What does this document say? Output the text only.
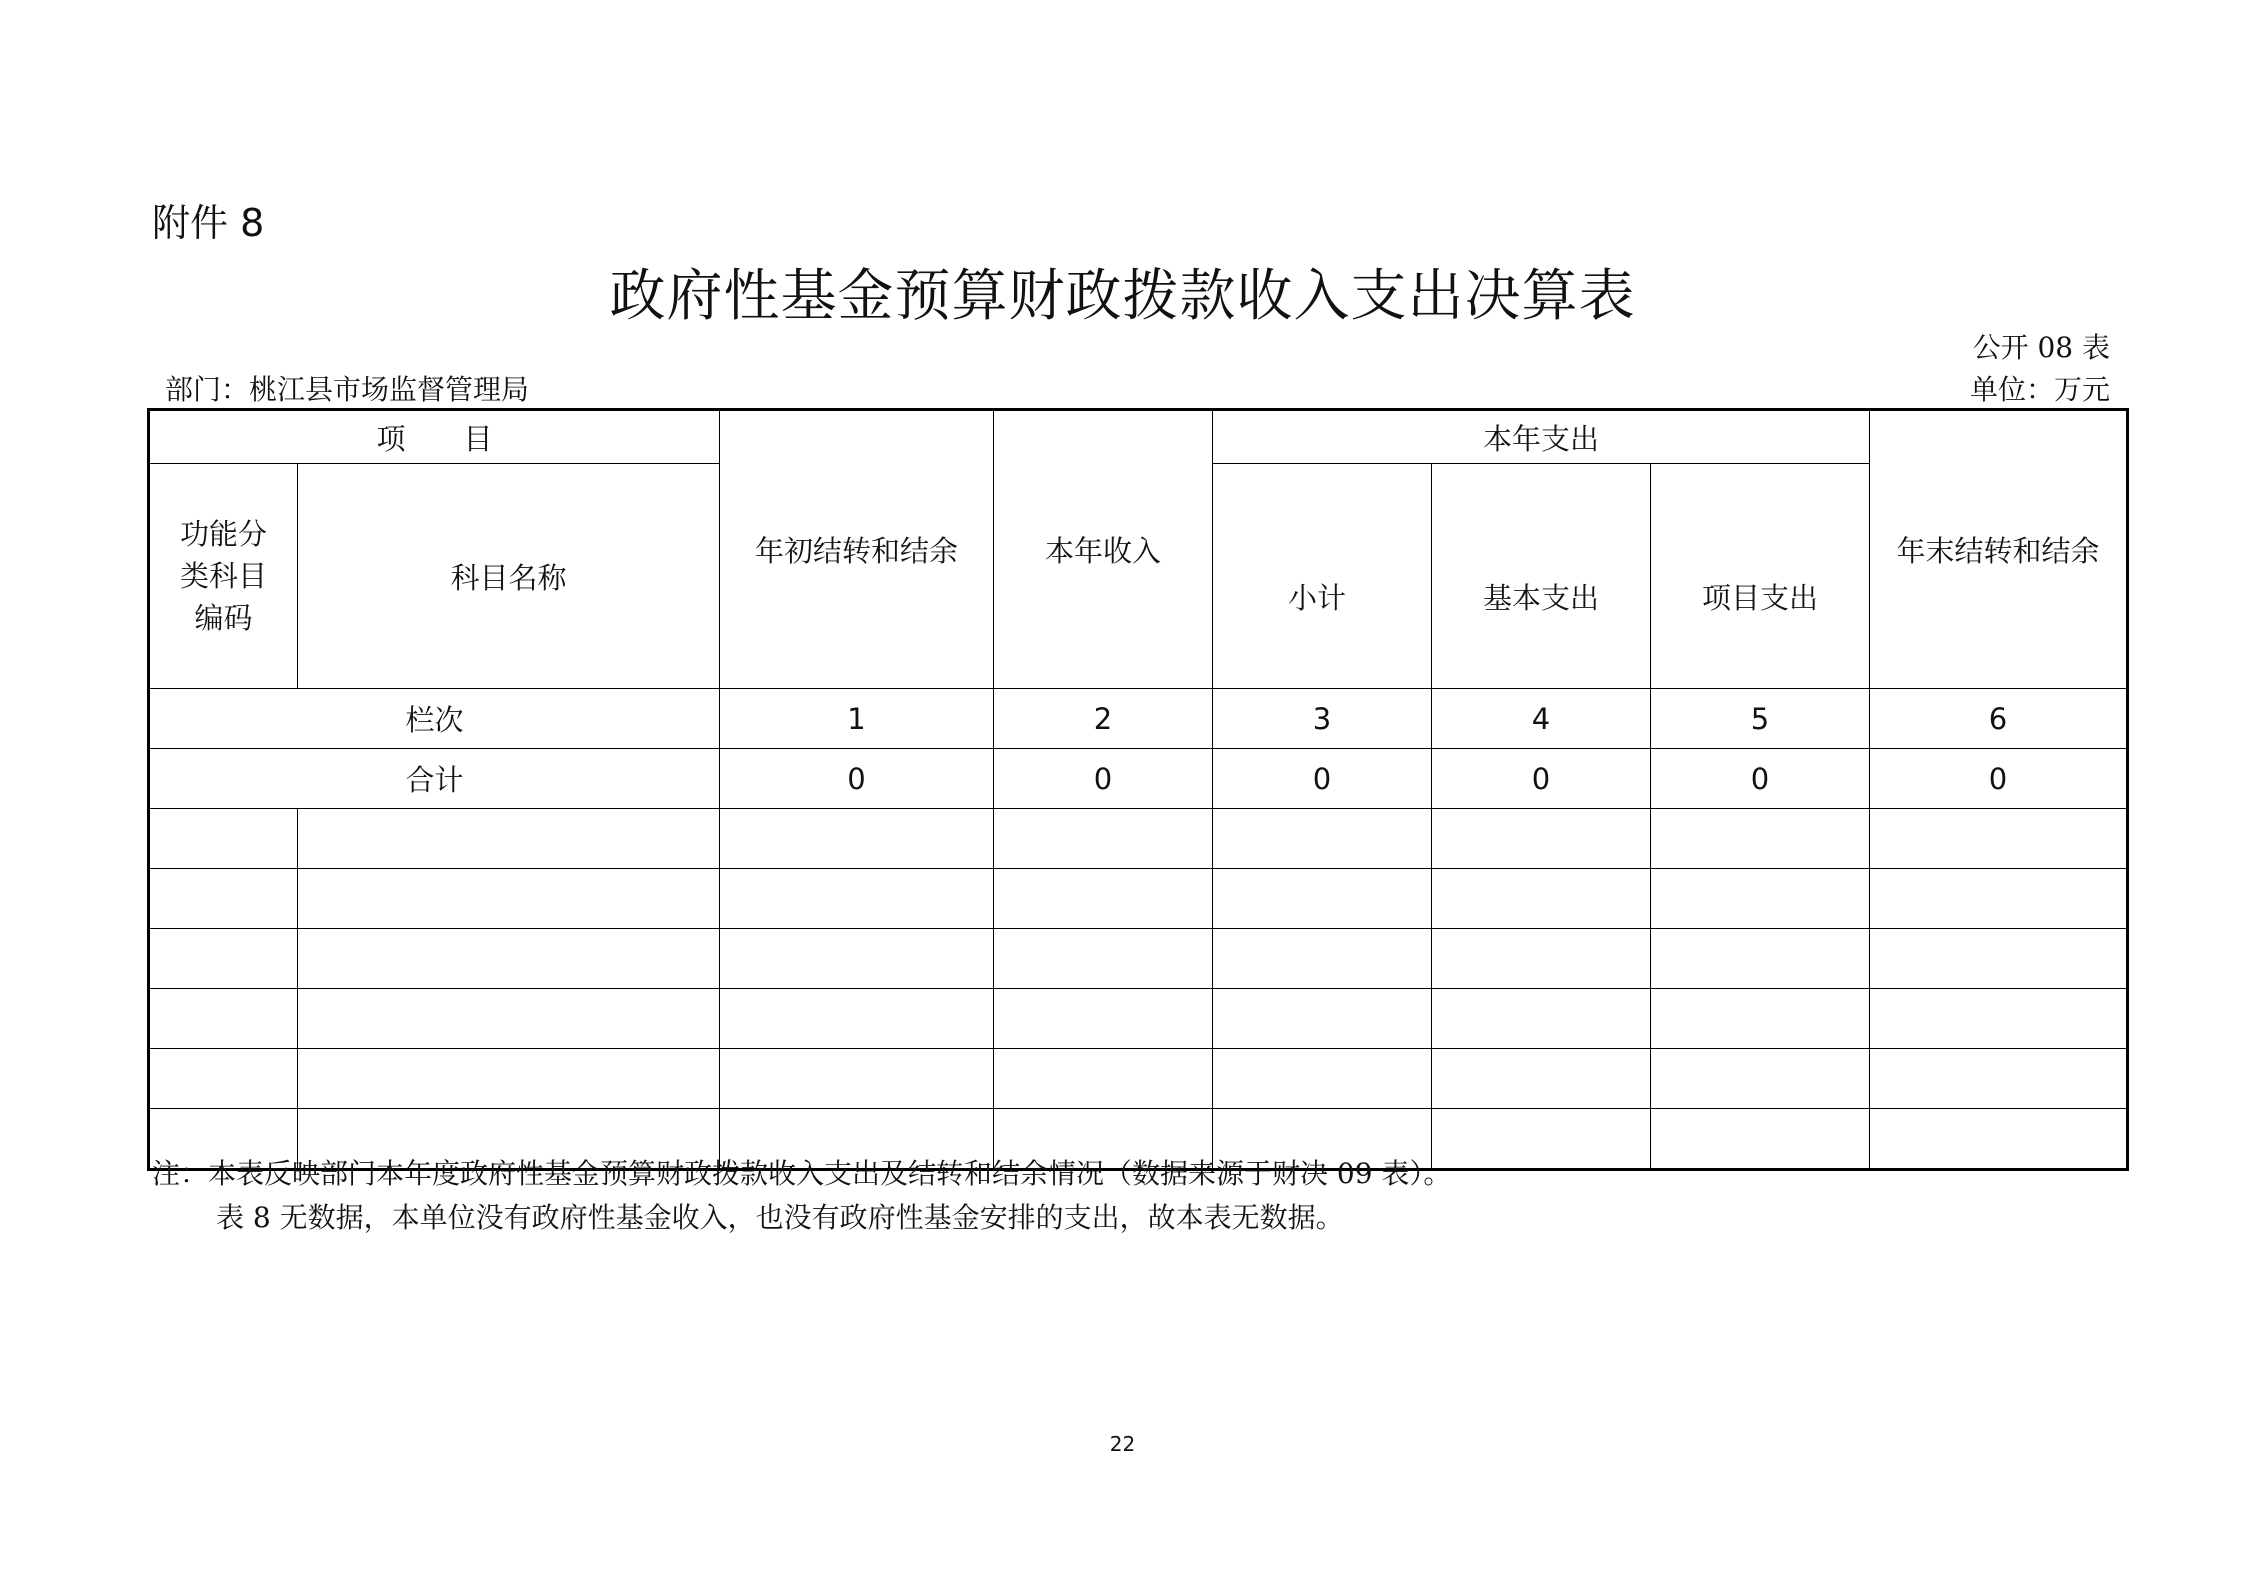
附件 8
政府性基金预算财政拨款收入支出决算表
公开 08 表
部门：桃江县市场监督管理局	单位：万元
项　　目		年初结转和结余	本年收入	本年支出			年末结转和结余
功能分类科目编码	科目名称			小计	基本支出	项目支出	
栏次		1	2	3	4	5	6
合计		0	0	0	0	0	0

注：本表反映部门本年度政府性基金预算财政拨款收入支出及结转和结余情况（数据来源于财决 09 表）。
表 8 无数据，本单位没有政府性基金收入，也没有政府性基金安排的支出，故本表无数据。
22
